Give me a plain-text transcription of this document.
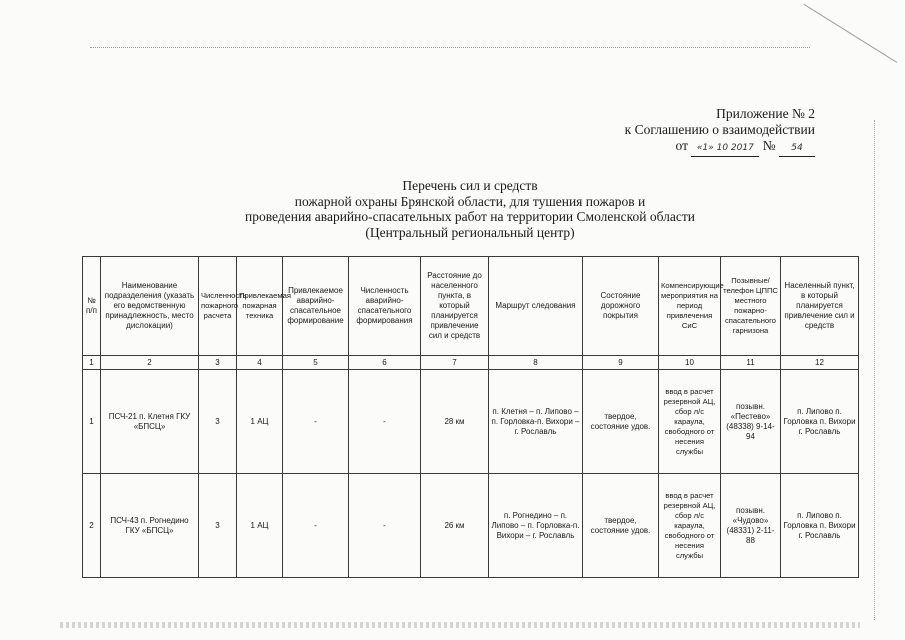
Приложение № 2
к Соглашению о взаимодействии
от «1» 10 2017 № 54
Перечень сил и средств
пожарной охраны Брянской области, для тушения пожаров и
проведения аварийно-спасательных работ на территории Смоленской области
(Центральный региональный центр)
№ п/п	Наименование подразделения (указать его ведомственную принадлежность, место дислокации)	Численность пожарного расчета	Привлекаемая пожарная техника	Привлекаемое аварийно-спасательное формирование	Численность аварийно-спасательного формирования	Расстояние до населенного пункта, в который планируется привлечение сил и средств	Маршрут следования	Состояние дорожного покрытия	Компенсирующие мероприятия на период привлечения СиС	Позывные/ телефон ЦППС местного пожарно-спасательного гарнизона	Населенный пункт, в который планируется привлечение сил и средств
1	2	3	4	5	6	7	8	9	10	11	12
1	ПСЧ-21 п. Клетня ГКУ «БПСЦ»	3	1 АЦ	-	-	28 км	п. Клетня – п. Липово – п. Горловка-п. Вихори – г. Рославль	твердое, состояние удов.	ввод в расчет резервной АЦ, сбор л/с караула, свободного от несения службы	позывн. «Пестево» (48338) 9-14-94	п. Липово п. Горловка п. Вихори г. Рославль
2	ПСЧ-43 п. Рогнедино ГКУ «БПСЦ»	3	1 АЦ	-	-	26 км	п. Рогнедино – п. Липово – п. Горловка-п. Вихори – г. Рославль	твердое, состояние удов.	ввод в расчет резервной АЦ, сбор л/с караула, свободного от несения службы	позывн. «Чудово» (48331) 2-11-88	п. Липово п. Горловка п. Вихори г. Рославль
